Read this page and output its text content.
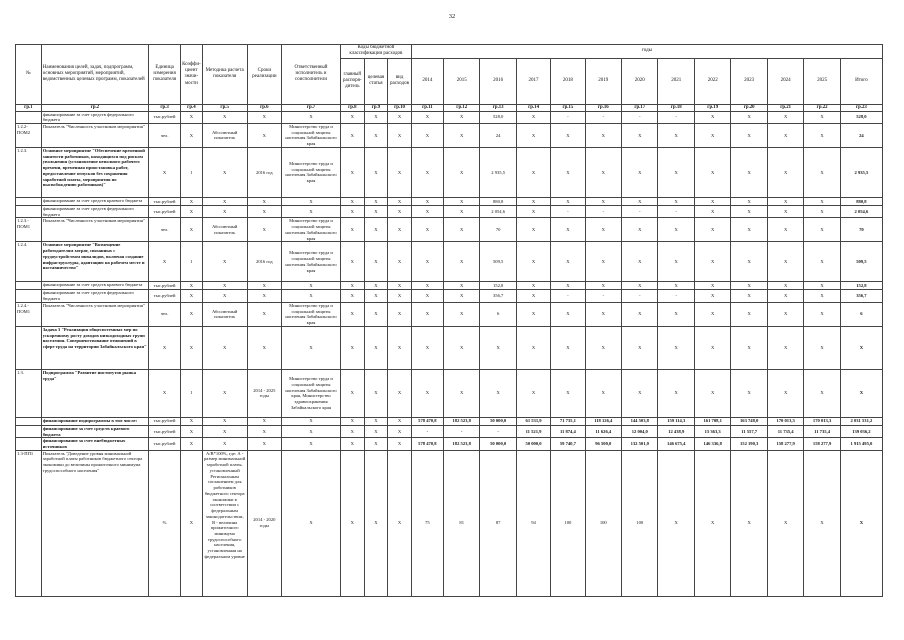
32
№	Наименования целей, задач, подпрограмм, основных мероприятий, мероприятий, ведомственных целевых программ, показателей	Единица измерения показателя	Коэффи-циент значи-мости	Методика расчета показателя	Сроки реализации	Ответственный исполнитель и соисполнители	Коды бюджетной классификации расходов			годы												
							главный распоря-дитель	целевая статья	вид расходов	2014	2015	2016	2017	2018	2019	2020	2021	2022	2023	2024	2025	Итого
гр.1	гр.2	гр.3	гр.4	гр.5	гр.6	гр.7	гр.8	гр.9	гр.10	гр.11	гр.12	гр.13	гр.14	гр.15	гр.16	гр.17	гр.18	гр.19	гр.20	гр.21	гр.22	гр.23
	финансирование за счет средств федерального бюджета	тыс.рублей	X	X	X	X	X	X	X	X	X	528,0	X	-	-	-	-	X	X	X	X	528,0
1.2.2-ПОМ2	Показатель "Численность участников мероприятия"	чел.	X	Абсолютный показатель	X	Министерство труда и социальной защиты населения Забайкальского края	X	X	X	X	X	24	X	X	X	X	X	X	X	X	X	24
1.2.3.	Основное мероприятие "Обеспечение временной занятости работников, находящихся под риском увольнения (установление неполного рабочего времени, временная приостановка работ, предоставление отпусков без сохранения заработной платы, мероприятия по высвобождению работников)"	X	1	X	2016 год	Министерство труда и социальной защиты населения Забайкальского края	X	X	X	X	X	2 935,5	X	X	X	X	X	X	X	X	X	2 935,5
	финансирование за счет средств краевого бюджета	тыс.рублей	X	X	X	X	X	X	X	X	X	880,8	X	X	X	X	X	X	X	X	X	880,8
	финансирование за счет средств федерального бюджета	тыс.рублей	X	X	X	X	X	X	X	X	X	2 054,6	X	-	-	-	-	X	X	X	X	2 054,6
1.2.3.-ПОМ1	Показатель "Численность участников мероприятия"	чел.	X	Абсолютный показатель	X	Министерство труда и социальной защиты населения Забайкальского края	X	X	X	X	X	70	X	X	X	X	X	X	X	X	X	70
1.2.4.	Основное мероприятие "Возмещение работодателям затрат, связанных с трудоустройством инвалидов, включая создание инфраструктуры, адаптацию на рабочем месте и наставничество"	X	1	X	2016 год	Министерство труда и социальной защиты населения Забайкальского края	X	X	X	X	X	509,5	X	X	X	X	X	X	X	X	X	509,5
	финансирование за счет средств краевого бюджета	тыс.рублей	X	X	X	X	X	X	X	X	X	152,8	X	X	X	X	X	X	X	X	X	152,8
	финансирование за счет средств федерального бюджета	тыс.рублей	X	X	X	X	X	X	X	X	X	356,7	X	-	-	-	-	X	X	X	X	356,7
1.2.4.-ПОМ1	Показатель "Численность участников мероприятия"	чел.	X	Абсолютный показатель	X	Министерство труда и социальной защиты населения Забайкальского края	X	X	X	X	X	6	X	X	X	X	X	X	X	X	X	6
	Задача 3 "Реализация общесистемных мер по ускоренному росту доходов низкодоходных групп населения. Совершенствование отношений в сфере труда на территории Забайкальского края"	X	X	X	X	X	X	X	X	X	X	X	X	X	X	X	X	X	X	X	X	X
1.3.	Подпрограмма "Развитие институтов рынка труда"	X	1	X	2014 - 2025 годы	Министерство труда и социальной защиты населения Забайкальского края, Министерство здравоохранения Забайкальского края	X	X	X	X	X	X	X	X	X	X	X	X	X	X	X	X
	финансирование подпрограммы в том числе:	тыс.рублей	X	X	X	X	X	X	X	578 470,8	182 523,8	50 000,0	61 531,9	71 735,1	118 126,4	144 503,8	159 114,3	161 708,1	163 748,0	170 013,3	170 013,3	2 031 531,2
	финансирование за счет средств краевого бюджета	тыс.рублей	X	X	X	X	X	X	X	-	-	-	11 521,9	11 874,4	11 626,4	12 004,0	12 438,9	15 363,3	11 557,7	11 735,4	11 735,4	139 036,2
	финансирование за счет внебюджетных источников	тыс.рублей	X	X	X	X	X	X	X	578 470,8	182 523,8	50 000,0	50 000,0	59 740,7	96 500,0	132 501,0	146 675,4	146 336,8	152 190,3	158 277,9	158 277,9	1 915 495,0
1.3-ПП1	Показатель "Доведение уровня минимальной заработной платы работников бюджетного сектора экономики до величины прожиточного минимума трудоспособного населения"	%	X	А/В*100%, где: А - размер минимальной заработной платы, установленный Региональным соглашением для работников бюджетного сектора экономики в соответствии с федеральным законодательством, В - величина прожиточного минимума трудоспособного населения, установленная на федеральном уровне	2014 - 2020 годы	X	X	X	X	75	81	87	94	100	100	100	X	X	X	X	X	X
